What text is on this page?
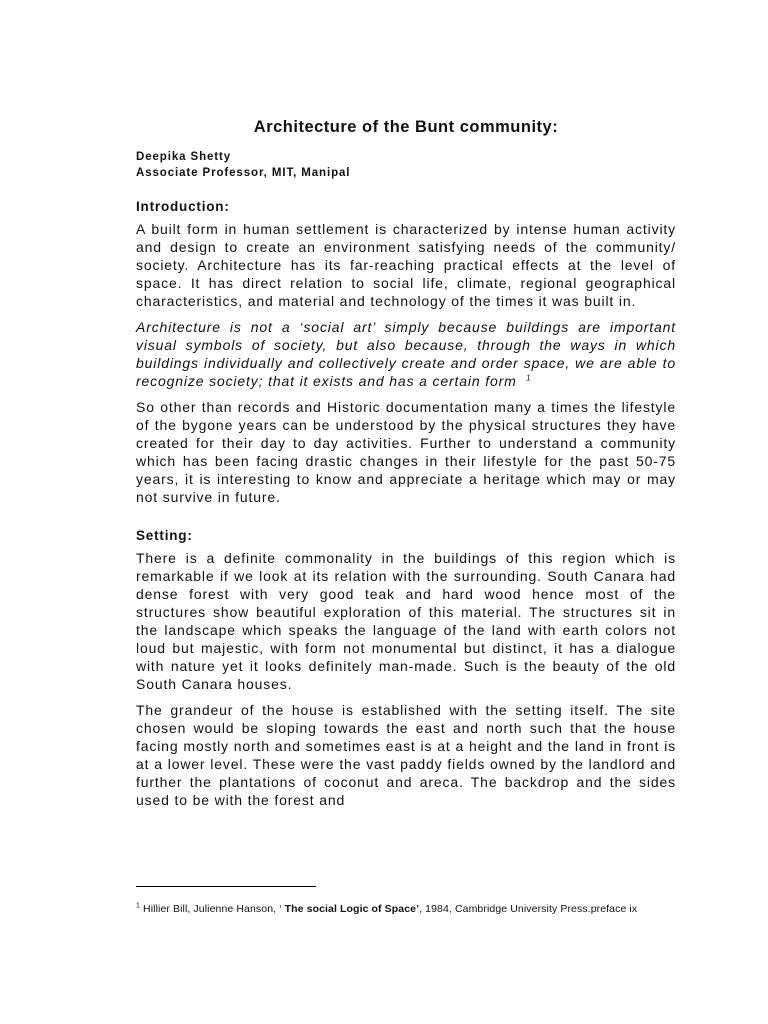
Architecture of the Bunt community:
Deepika Shetty
Associate Professor, MIT, Manipal
Introduction:

A built form in human settlement is characterized by intense human activity and design to create an environment satisfying needs of the community/ society. Architecture has its far-reaching practical effects at the level of space. It has direct relation to social life, climate, regional geographical characteristics, and material and technology of the times it was built in.

Architecture is not a ‘social art’ simply because buildings are important visual symbols of society, but also because, through the ways in which buildings individually and collectively create and order space, we are able to recognize society; that it exists and has a certain form $^1$

So other than records and Historic documentation many a times the lifestyle of the bygone years can be understood by the physical structures they have created for their day to day activities. Further to understand a community which has been facing drastic changes in their lifestyle for the past 50-75 years, it is interesting to know and appreciate a heritage which may or may not survive in future.

Setting:

There is a definite commonality in the buildings of this region which is remarkable if we look at its relation with the surrounding. South Canara had dense forest with very good teak and hard wood hence most of the structures show beautiful exploration of this material. The structures sit in the landscape which speaks the language of the land with earth colors not loud but majestic, with form not monumental but distinct, it has a dialogue with nature yet it looks definitely man-made. Such is the beauty of the old South Canara houses.

The grandeur of the house is established with the setting itself. The site chosen would be sloping towards the east and north such that the house facing mostly north and sometimes east is at a height and the land in front is at a lower level. These were the vast paddy fields owned by the landlord and further the plantations of coconut and areca. The backdrop and the sides used to be with the forest and

$^1$ Hillier Bill, Julienne Hanson, ‘ The social Logic of Space’, 1984, Cambridge University Press.preface ix
